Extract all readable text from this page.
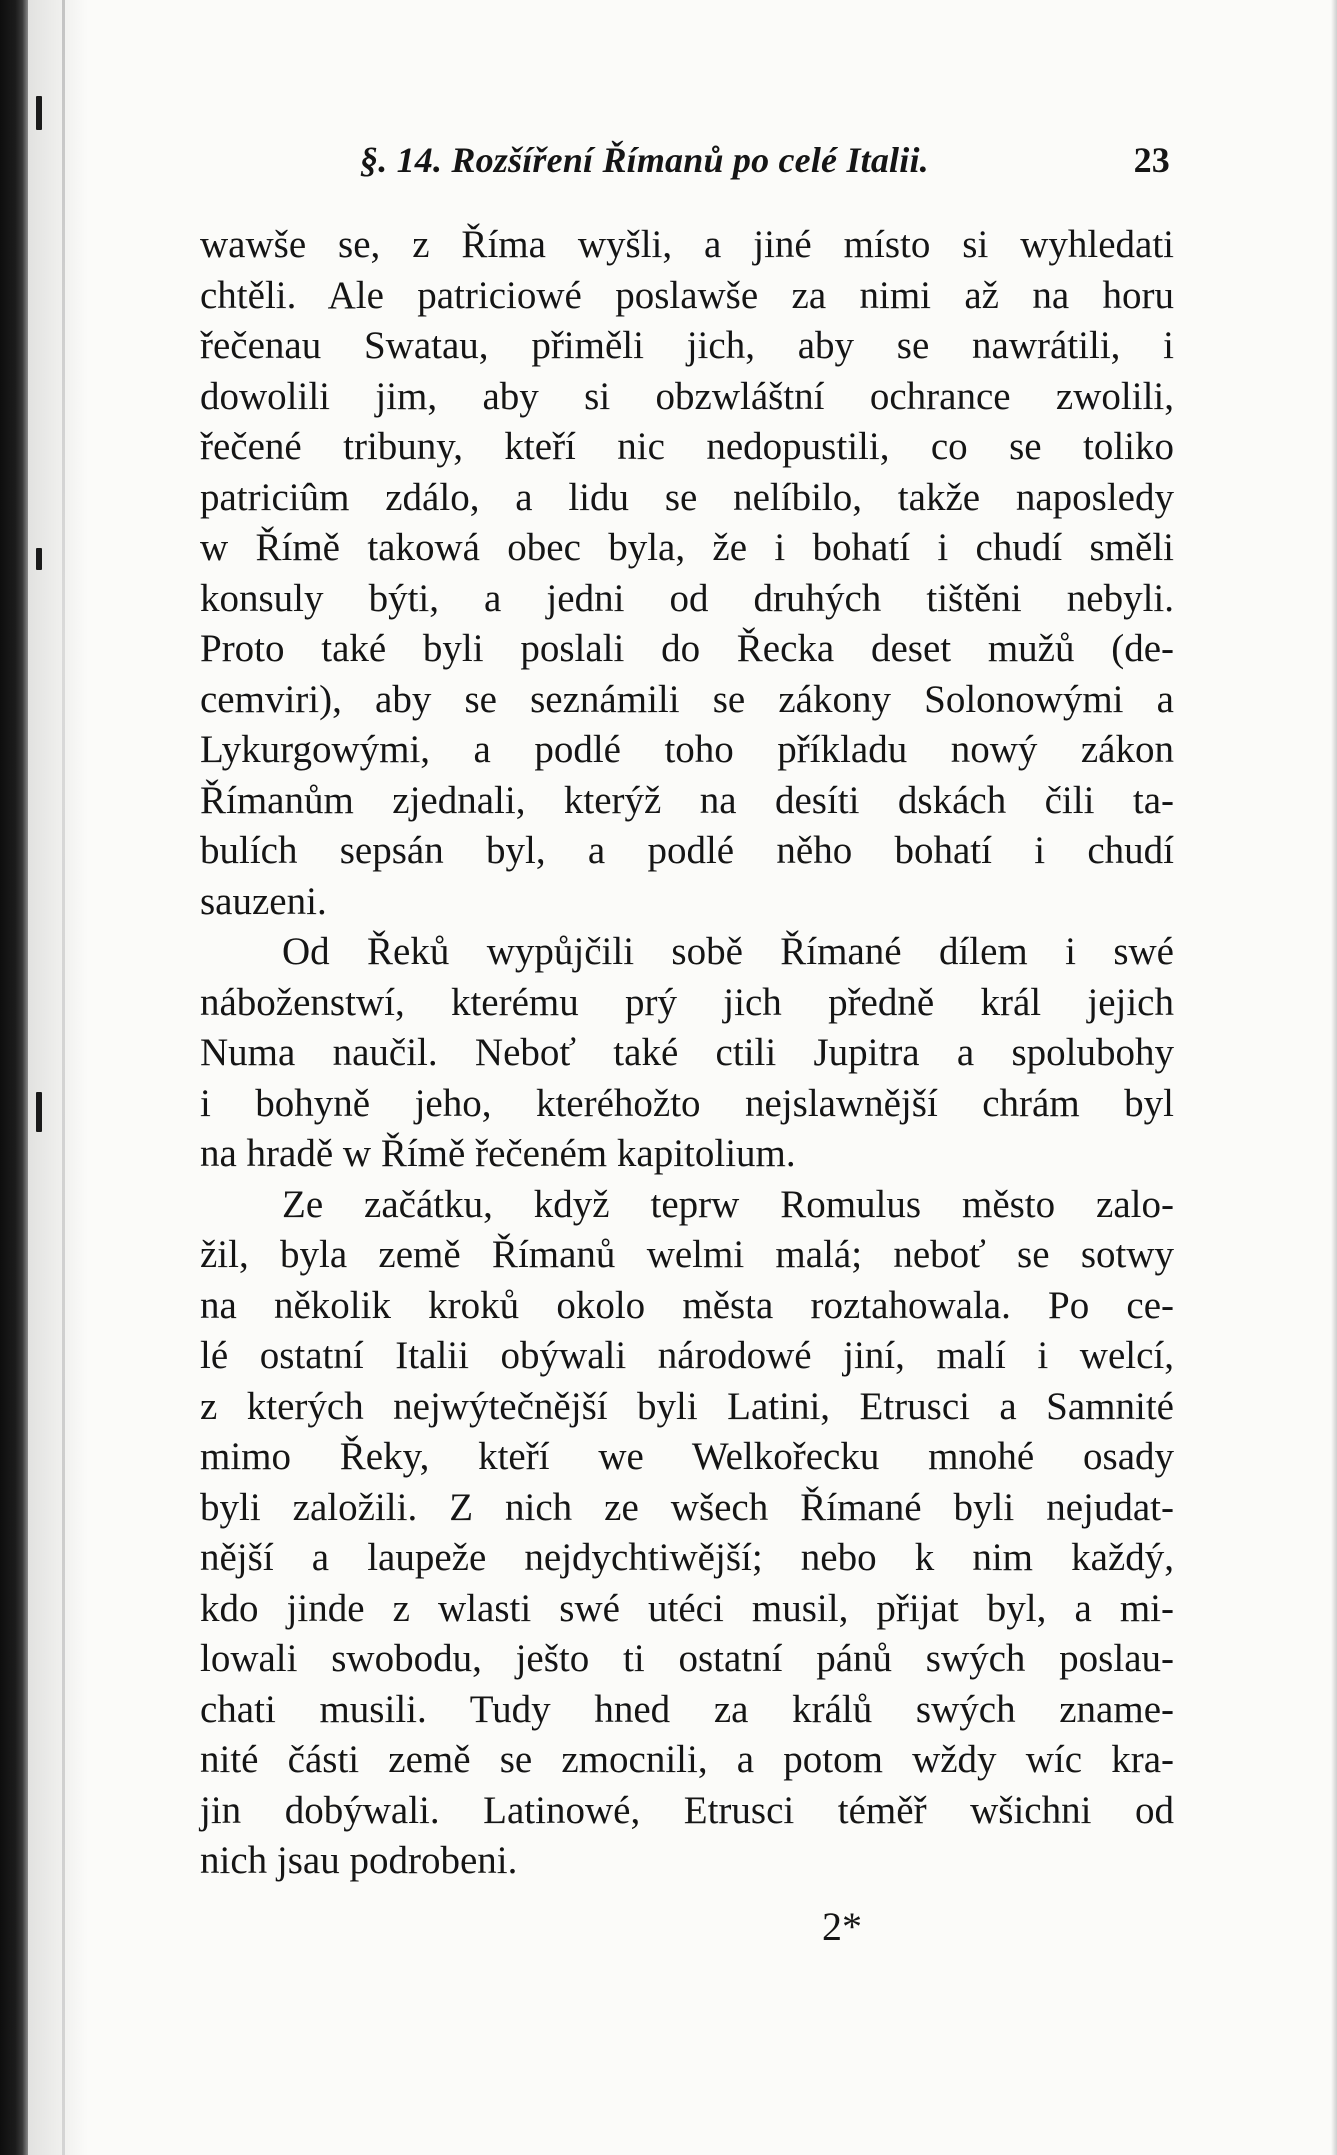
§. 14. Rozšíření Římanů po celé Italii.	23
wawše se, z Říma wyšli, a jiné místo si wyhledati
chtěli. Ale patriciowé poslawše za nimi až na horu
řečenau Swatau, přiměli jich, aby se nawrátili, i
dowolili jim, aby si obzwláštní ochrance zwolili,
řečené tribuny, kteří nic nedopustili, co se toliko
patriciûm zdálo, a lidu se nelíbilo, takže naposledy
w Římě takowá obec byla, že i bohatí i chudí směli
konsuly býti, a jedni od druhých tištěni nebyli.
Proto také byli poslali do Řecka deset mužů (de-
cemviri), aby se seznámili se zákony Solonowými a
Lykurgowými, a podlé toho příkladu nowý zákon
Římanům zjednali, kterýž na desíti dskách čili ta-
bulích sepsán byl, a podlé něho bohatí i chudí
sauzeni.
Od Řeků wypůjčili sobě Římané dílem i swé
náboženstwí, kterému prý jich předně král jejich
Numa naučil. Neboť také ctili Jupitra a spolubohy
i bohyně jeho, kteréhožto nejslawnější chrám byl
na hradě w Římě řečeném kapitolium.
Ze začátku, když teprw Romulus město zalo-
žil, byla země Římanů welmi malá; neboť se sotwy
na několik kroků okolo města roztahowala. Po ce-
lé ostatní Italii obýwali národowé jiní, malí i welcí,
z kterých nejwýtečnější byli Latini, Etrusci a Samnité
mimo Řeky, kteří we Welkořecku mnohé osady
byli založili. Z nich ze wšech Římané byli nejudat-
nější a laupeže nejdychtiwější; nebo k nim každý,
kdo jinde z wlasti swé utéci musil, přijat byl, a mi-
lowali swobodu, ješto ti ostatní pánů swých poslau-
chati musili. Tudy hned za králů swých zname-
nité části země se zmocnili, a potom wždy wíc kra-
jin dobýwali. Latinowé, Etrusci téměř wšichni od
nich jsau podrobeni.
2*
